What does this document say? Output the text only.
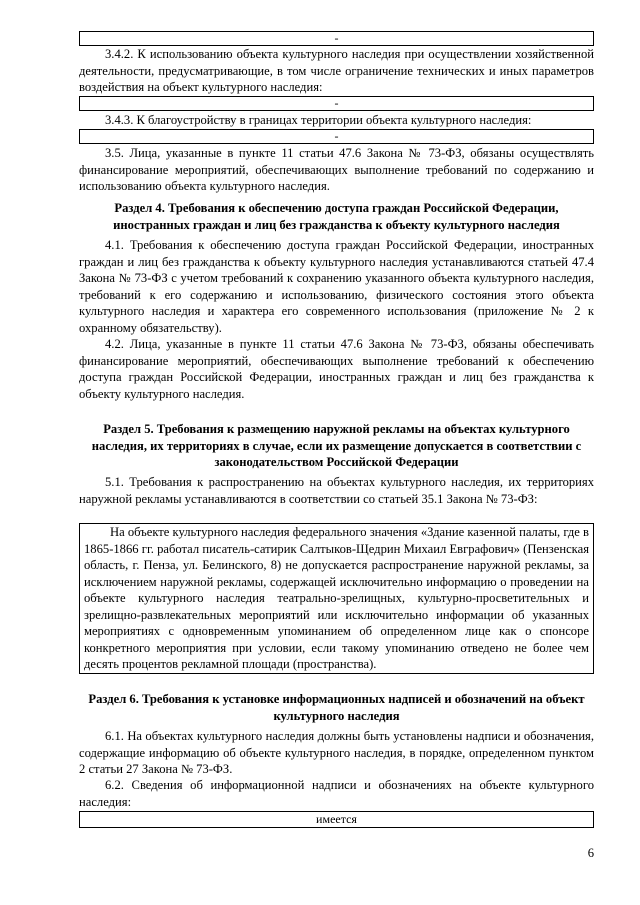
-
3.4.2. К использованию объекта культурного наследия при осуществлении хозяйственной деятельности, предусматривающие, в том числе ограничение технических и иных параметров воздействия на объект культурного наследия:
-
3.4.3. К благоустройству в границах территории объекта культурного наследия:
-
3.5. Лица, указанные в пункте 11 статьи 47.6 Закона № 73-ФЗ, обязаны осуществлять финансирование мероприятий, обеспечивающих выполнение требований по содержанию и использованию объекта культурного наследия.
Раздел 4. Требования к обеспечению доступа граждан Российской Федерации, иностранных граждан и лиц без гражданства к объекту культурного наследия
4.1. Требования к обеспечению доступа граждан Российской Федерации, иностранных граждан и лиц без гражданства к объекту культурного наследия устанавливаются статьей 47.4 Закона № 73-ФЗ с учетом требований к сохранению указанного объекта культурного наследия, требований к его содержанию и использованию, физического состояния этого объекта культурного наследия и характера его современного использования (приложение № 2 к охранному обязательству).
4.2. Лица, указанные в пункте 11 статьи 47.6 Закона № 73-ФЗ, обязаны обеспечивать финансирование мероприятий, обеспечивающих выполнение требований к обеспечению доступа граждан Российской Федерации, иностранных граждан и лиц без гражданства к объекту культурного наследия.
Раздел 5. Требования к размещению наружной рекламы на объектах культурного наследия, их территориях в случае, если их размещение допускается в соответствии с законодательством Российской Федерации
5.1. Требования к распространению на объектах культурного наследия, их территориях наружной рекламы устанавливаются в соответствии со статьей 35.1 Закона № 73-ФЗ:
На объекте культурного наследия федерального значения «Здание казенной палаты, где в 1865-1866 гг. работал писатель-сатирик Салтыков-Щедрин Михаил Евграфович» (Пензенская область, г. Пенза, ул. Белинского, 8) не допускается распространение наружной рекламы, за исключением наружной рекламы, содержащей исключительно информацию о проведении на объекте культурного наследия театрально-зрелищных, культурно-просветительных и зрелищно-развлекательных мероприятий или исключительно информации об указанных мероприятиях с одновременным упоминанием об определенном лице как о спонсоре конкретного мероприятия при условии, если такому упоминанию отведено не более чем десять процентов рекламной площади (пространства).
Раздел 6. Требования к установке информационных надписей и обозначений на объект культурного наследия
6.1. На объектах культурного наследия должны быть установлены надписи и обозначения, содержащие информацию об объекте культурного наследия, в порядке, определенном пунктом 2 статьи 27 Закона № 73-ФЗ.
6.2. Сведения об информационной надписи и обозначениях на объекте культурного наследия:
имеется
6
